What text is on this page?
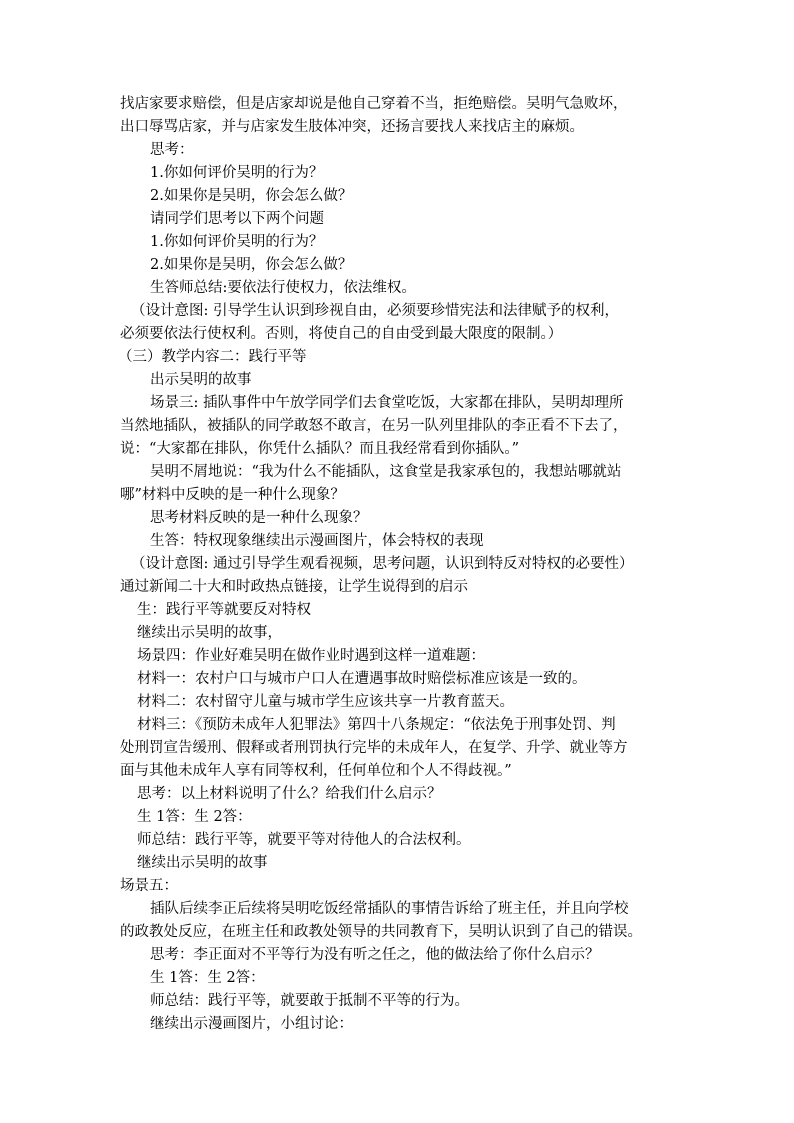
找店家要求赔偿，但是店家却说是他自己穿着不当，拒绝赔偿。吴明气急败坏，
出口辱骂店家，并与店家发生肢体冲突，还扬言要找人来找店主的麻烦。
思考：
1.你如何评价吴明的行为？
2.如果你是吴明，你会怎么做？
请同学们思考以下两个问题
1.你如何评价吴明的行为？
2.如果你是吴明，你会怎么做？
生答师总结:要依法行使权力，依法维权。
（设计意图: 引导学生认识到珍视自由，必须要珍惜宪法和法律赋予的权利，
必须要依法行使权利。否则，将使自己的自由受到最大限度的限制。）
（三）教学内容二：践行平等
出示吴明的故事
场景三: 插队事件中午放学同学们去食堂吃饭，大家都在排队，吴明却理所
当然地插队，被插队的同学敢怒不敢言，在另一队列里排队的李正看不下去了，
说：“大家都在排队，你凭什么插队？而且我经常看到你插队。”
吴明不屑地说：“我为什么不能插队，这食堂是我家承包的，我想站哪就站
哪”材料中反映的是一种什么现象？
思考材料反映的是一种什么现象？
生答：特权现象继续出示漫画图片，体会特权的表现
（设计意图: 通过引导学生观看视频，思考问题，认识到特反对特权的必要性）
通过新闻二十大和时政热点链接，让学生说得到的启示
生：践行平等就要反对特权
继续出示吴明的故事，
场景四：作业好难吴明在做作业时遇到这样一道难题：
材料一：农村户口与城市户口人在遭遇事故时赔偿标准应该是一致的。
材料二：农村留守儿童与城市学生应该共享一片教育蓝天。
材料三：《预防未成年人犯罪法》第四十八条规定：“依法免于刑事处罚、判
处刑罚宣告缓刑、假释或者刑罚执行完毕的未成年人，在复学、升学、就业等方
面与其他未成年人享有同等权利，任何单位和个人不得歧视。”
思考：以上材料说明了什么？给我们什么启示？
生 1答：生 2答：
师总结：践行平等，就要平等对待他人的合法权利。
继续出示吴明的故事
场景五：
插队后续李正后续将吴明吃饭经常插队的事情告诉给了班主任，并且向学校
的政教处反应，在班主任和政教处领导的共同教育下，吴明认识到了自己的错误。
思考：李正面对不平等行为没有听之任之，他的做法给了你什么启示？
生 1答：生 2答：
师总结：践行平等，就要敢于抵制不平等的行为。
继续出示漫画图片，小组讨论：
